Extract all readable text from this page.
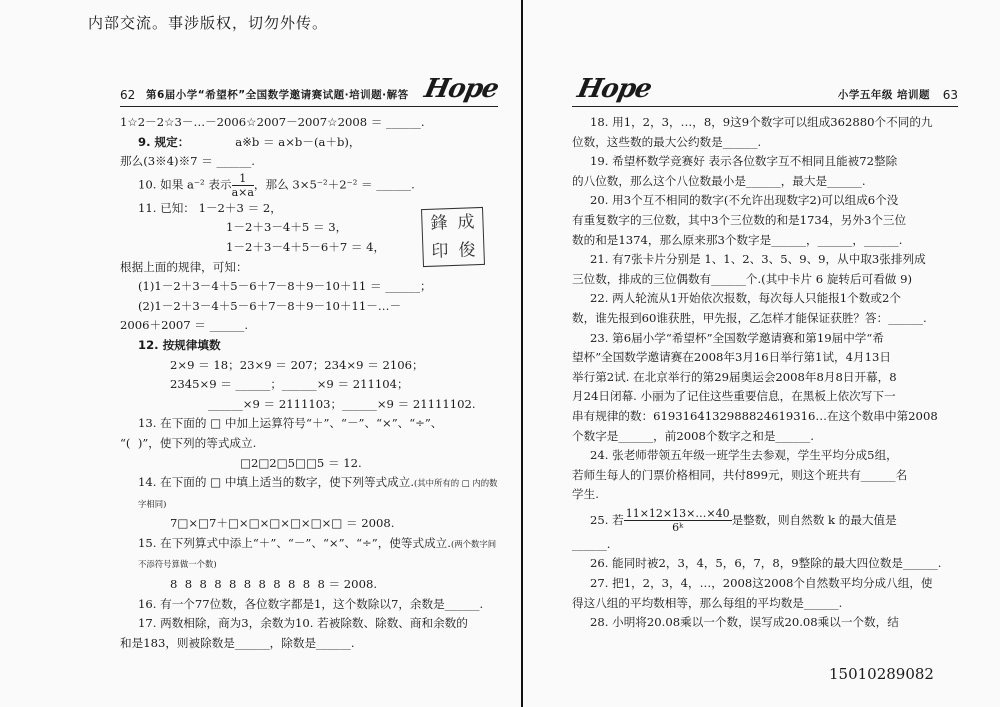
内部交流。事涉版权，切勿外传。
62 第6届小学“希望杯”全国数学邀请赛试题·培训题·解答 Hope

1☆2－2☆3－…－2006☆2007－2007☆2008 ＝ ______.

9. 规定：	a※b ＝ a×b－(a＋b)，

那么(3※4)※7 ＝ ______.

10. 如果 a⁻² 表示 $\frac{1}{a\times a}$ ，那么 3×5⁻²＋2⁻² ＝ ______.

11. 已知： 1－2＋3 ＝ 2，

1－2＋3－4＋5 ＝ 3，

1－2＋3－4＋5－6＋7 ＝ 4，

根据上面的规律，可知：

(1)1－2＋3－4＋5－6＋7－8＋9－10＋11 ＝ ______；

(2)1－2＋3－4＋5－6＋7－8＋9－10＋11－…－

2006＋2007 ＝ ______.

12. 按规律填数

2×9 ＝ 18；23×9 ＝ 207；234×9 ＝ 2106；

2345×9 ＝ ______；______×9 ＝ 211104；

______×9 ＝ 2111103；______×9 ＝ 21111102.

13. 在下面的 □ 中加上运算符号“＋”、“－”、“×”、“÷”、

“(  )”，使下列的等式成立.

□2□2□5□□5 ＝ 12.

14. 在下面的 □ 中填上适当的数字，使下列等式成立.(其中所有的 □ 内的数字相同)

7□×□7＋□×□×□×□×□×□ ＝ 2008.

15. 在下列算式中添上“＋”、“－”、“×”、“÷”，使等式成立.(两个数字间不添符号算做一个数)

8  8  8  8  8  8  8  8  8  8  8 ＝ 2008.

16. 有一个77位数，各位数字都是1，这个数除以7，余数是______.

17. 两数相除，商为3，余数为10. 若被除数、除数、商和余数的

和是183，则被除数是______，除数是______.

鋒 成
印 俊
Hope	小学五年级 培训题 63

18. 用1，2，3，…，8，9这9个数字可以组成362880个不同的九

位数，这些数的最大公约数是______.

19. 希望杯数学竞赛好 表示各位数字互不相同且能被72整除

的八位数，那么这个八位数最小是______，最大是______.

20. 用3个互不相同的数字(不允许出现数字2)可以组成6个没

有重复数字的三位数，其中3个三位数的和是1734，另外3个三位

数的和是1374，那么原来那3个数字是______，______，______.

21. 有7张卡片分别是 1、1、2、3、5、9、9，从中取3张排列成

三位数，排成的三位偶数有______个.(其中卡片 6 旋转后可看做 9)

22. 两人轮流从1开始依次报数，每次每人只能报1个数或2个

数，谁先报到60谁获胜，甲先报，乙怎样才能保证获胜？答：______.

23. 第6届小学“希望杯”全国数学邀请赛和第19届中学“希

望杯”全国数学邀请赛在2008年3月16日举行第1试，4月13日

举行第2试. 在北京举行的第29届奥运会2008年8月8日开幕，8

月24日闭幕. 小丽为了记住这些重要信息，在黑板上依次写下一

串有规律的数：6193164132988824619316…在这个数串中第2008

个数字是______，前2008个数字之和是______.

24. 张老师带领五年级一班学生去参观，学生平均分成5组，

若师生每人的门票价格相同，共付899元，则这个班共有______名

学生.

25. 若 $\frac{11\times 12\times 13\times\dots\times 40}{\text{6ᵏ}}$ 是整数，则自然数 k 的最大值是

______.

26. 能同时被2，3，4，5，6，7，8，9整除的最大四位数是______.

27. 把1，2，3，4，…，2008这2008个自然数平均分成八组，使

得这八组的平均数相等，那么每组的平均数是______.

28. 小明将20.08乘以一个数，误写成20.08乘以一个数，结

15010289082
